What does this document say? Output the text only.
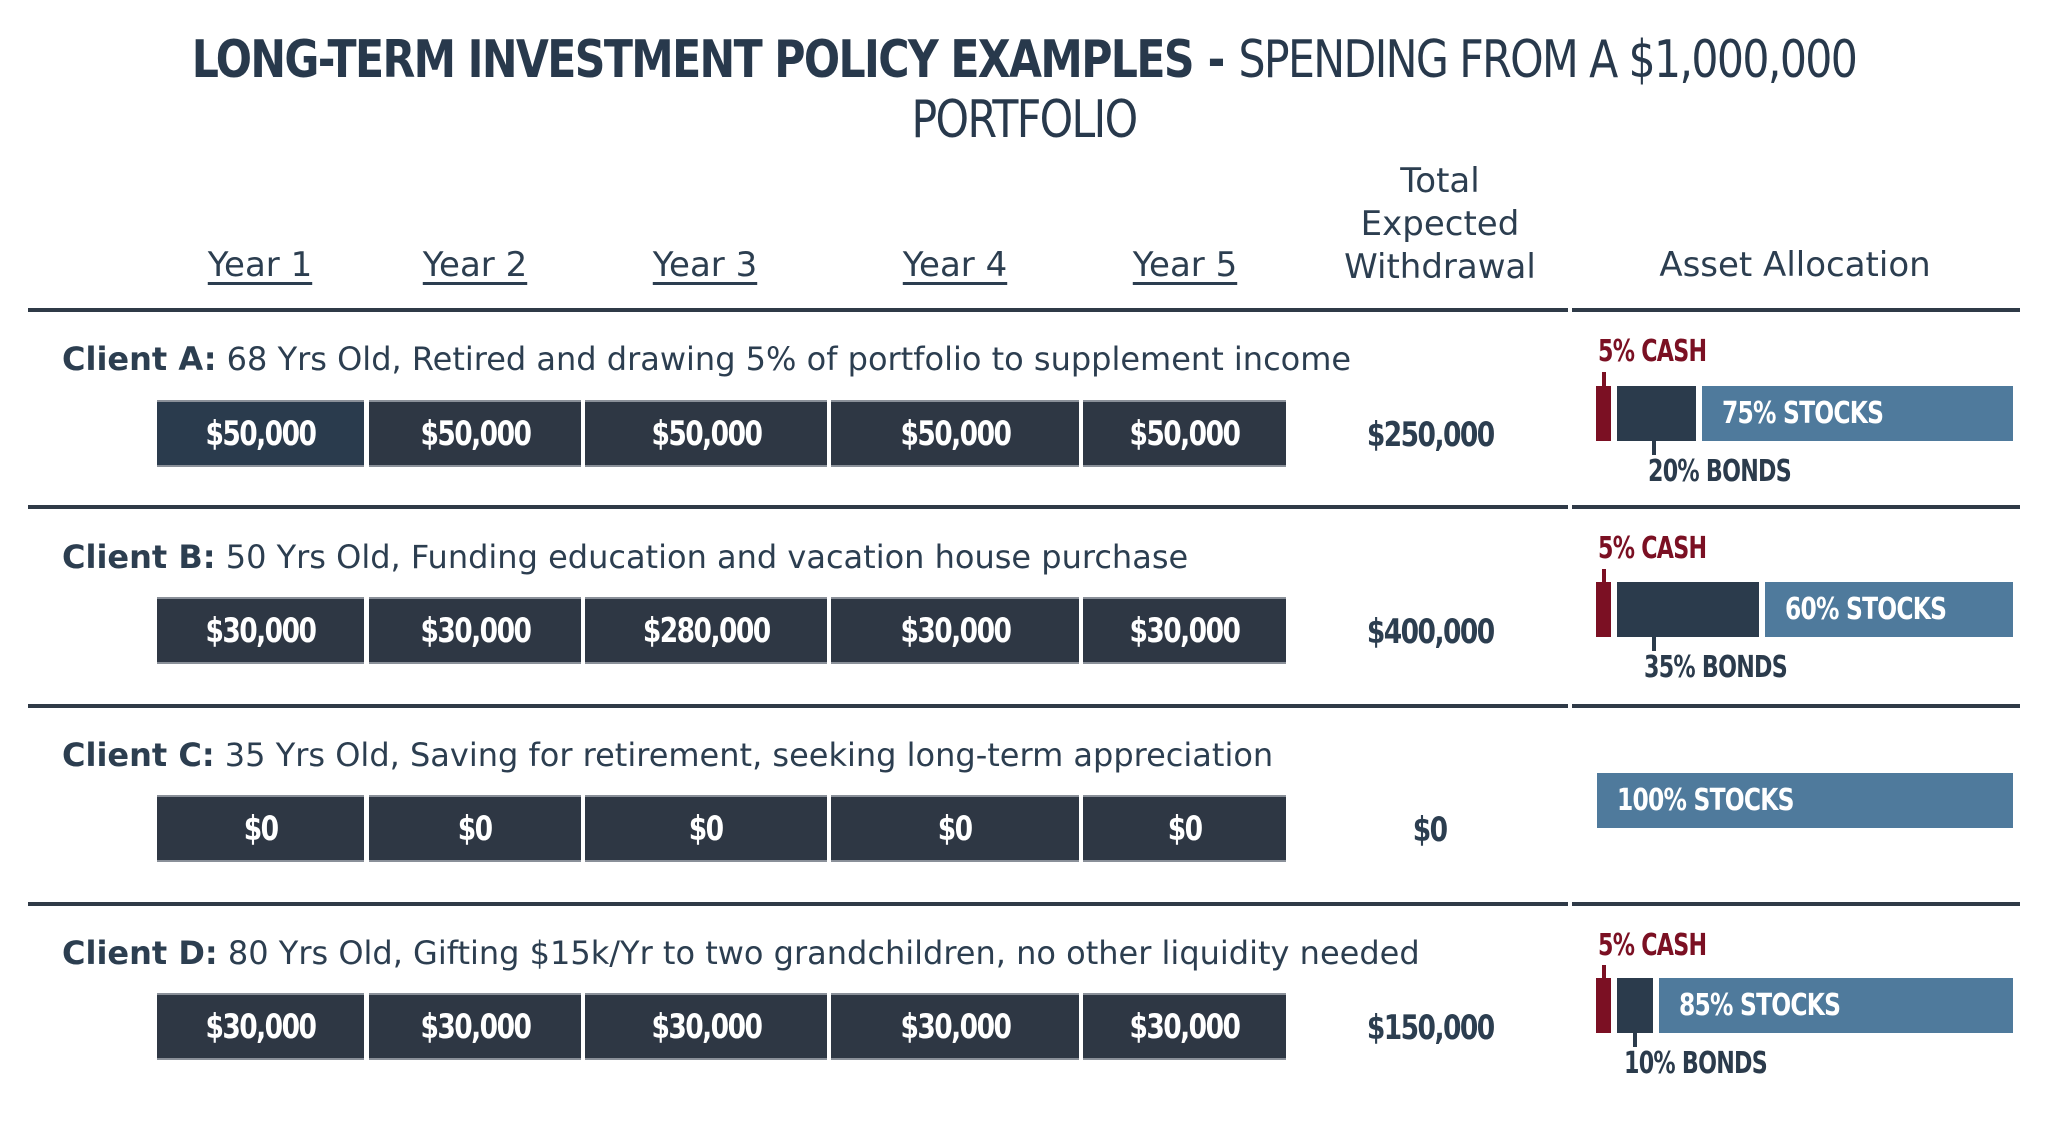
LONG-TERM INVESTMENT POLICY EXAMPLES - SPENDING FROM A $1,000,000 PORTFOLIO
Year 1	Year 2	Year 3	Year 4	Year 5
Total
Expected
Withdrawal	Asset Allocation
Client A: 68 Yrs Old, Retired and drawing 5% of portfolio to supplement income
$50,000	$50,000	$50,000	$50,000	$50,000	$250,000
5% CASH
75% STOCKS
20% BONDS
Client B: 50 Yrs Old, Funding education and vacation house purchase
$30,000	$30,000	$280,000	$30,000	$30,000	$400,000
5% CASH
60% STOCKS
35% BONDS
Client C: 35 Yrs Old, Saving for retirement, seeking long-term appreciation
$0	$0	$0	$0	$0	$0
100% STOCKS
Client D: 80 Yrs Old, Gifting $15k/Yr to two grandchildren, no other liquidity needed
$30,000	$30,000	$30,000	$30,000	$30,000	$150,000
5% CASH
85% STOCKS
10% BONDS
